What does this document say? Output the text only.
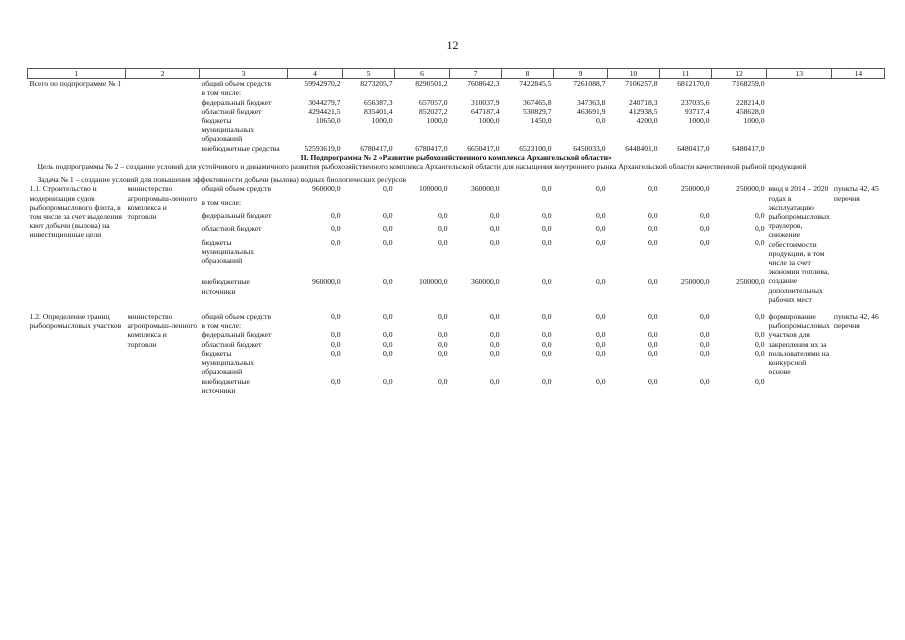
12
1	2	3	4	5	6	7	8	9	10	11	12	13	14
Всего по подпрограмме № 1		общий объем средств	59942970,2	8273205,7	8290501,2	7608642,3	7422845,5	7261088,7	7106257,8	6812170,0	7168259,0		
		в том числе:											
		федеральный бюджет	3044279,7	656387,3	657057,0	310037,9	367465,8	347363,8	240718,3	237035,6	228214,0		
		областной бюджет	4294421,5	835401,4	852027,2	647187,4	530829,7	463691,9	412938,5	93717,4	458628,0		
		бюджеты муниципальных образований	10650,0	1000,0	1000,0	1000,0	1450,0	0,0	4200,0	1000,0	1000,0		
		внебюджетные средства	52593619,0	6780417,0	6780417,0	6650417,0	6523100,0	6450033,0	6448401,0	6480417,0	6480417,0		
II. Подпрограмма № 2 «Развитие рыбохозяйственного комплекса Архангельской области»													
Цель подпрограммы № 2 – создание условий для устойчивого и динамичного развития рыбохозяйственного комплекса Архангельской области для насыщения внутреннего рынка Архангельской области качественной рыбной продукцией													
Задача № 1 – создание условий для повышения эффективности добычи (вылова) водных биологических ресурсов													
1.1. Строительство и модернизация судов рыбопромыслового флота, в том числе за счет выделения квот добычи (вылова) на инвестиционные цели	министерство агропромыш-ленного комплекса и торговли	общий объем средств	960000,0	0,0	100000,0	360000,0	0,0	0,0	0,0	250000,0	250000,0	ввод в 2014 – 2020 годах в эксплуатацию рыбопромысловых траулеров, снижение себестоимости продукции, в том числе за счет экономии топлива, создание дополнительных рабочих мест	пункты 42, 45 перечня
		в том числе:											
		федеральный бюджет	0,0	0,0	0,0	0,0	0,0	0,0	0,0	0,0	0,0		
		областной бюджет	0,0	0,0	0,0	0,0	0,0	0,0	0,0	0,0	0,0		
		бюджеты муниципальных образований	0,0	0,0	0,0	0,0	0,0	0,0	0,0	0,0	0,0		
		внебюджетные источники	960000,0	0,0	100000,0	360000,0	0,0	0,0	0,0	250000,0	250000,0		

1.2. Определение границ рыбопромысловых участков	министерство агропромыш-ленного комплекса и торговли	общий объем средств	0,0	0,0	0,0	0,0	0,0	0,0	0,0	0,0	0,0	формирование рыбопромысловых участков для закрепления их за пользователями на конкурсной основе	пункты 42, 46 перечня
		в том числе:											
		федеральный бюджет	0,0	0,0	0,0	0,0	0,0	0,0	0,0	0,0	0,0		
		областной бюджет	0,0	0,0	0,0	0,0	0,0	0,0	0,0	0,0	0,0		
		бюджеты муниципальных образований	0,0	0,0	0,0	0,0	0,0	0,0	0,0	0,0	0,0		
		внебюджетные источники	0,0	0,0	0,0	0,0	0,0	0,0	0,0	0,0	0,0		
